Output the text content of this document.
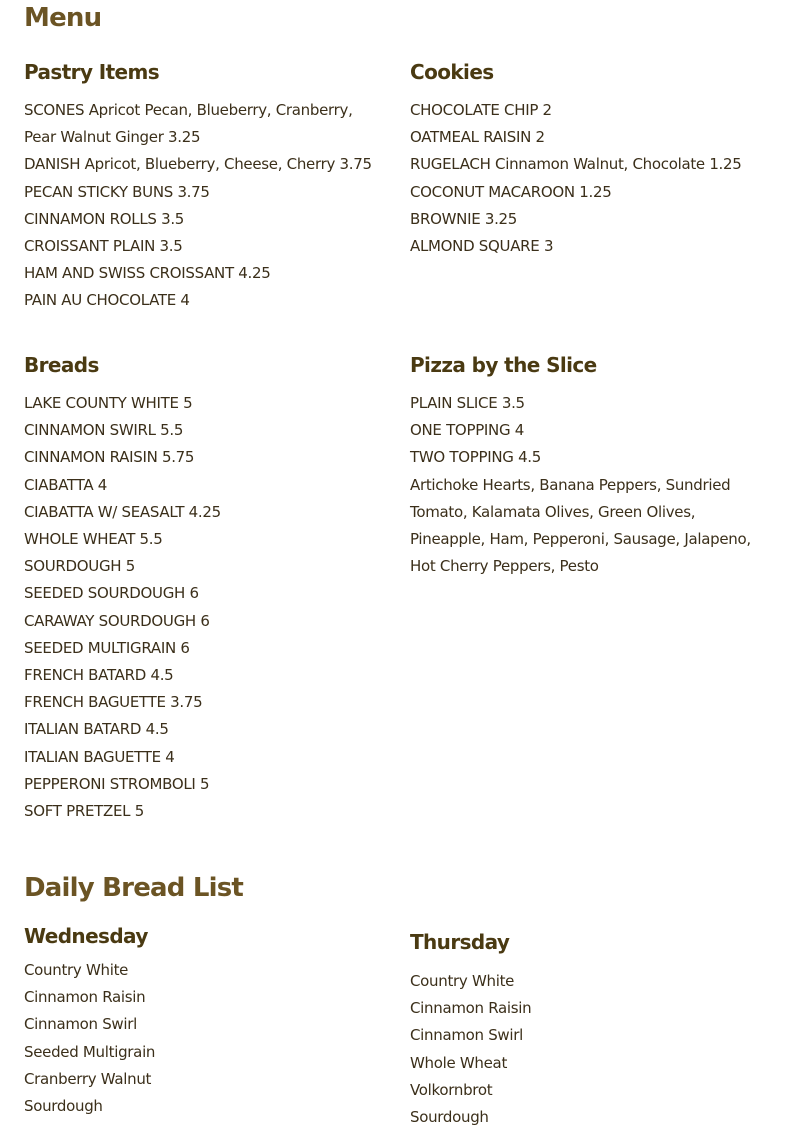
Menu
Pastry Items
SCONES Apricot Pecan, Blueberry, Cranberry,
Pear Walnut Ginger 3.25
DANISH Apricot, Blueberry, Cheese, Cherry 3.75
PECAN STICKY BUNS 3.75
CINNAMON ROLLS 3.5
CROISSANT PLAIN 3.5
HAM AND SWISS CROISSANT 4.25
PAIN AU CHOCOLATE 4
Cookies
CHOCOLATE CHIP 2
OATMEAL RAISIN 2
RUGELACH Cinnamon Walnut, Chocolate 1.25
COCONUT MACAROON 1.25
BROWNIE 3.25
ALMOND SQUARE 3
Breads
LAKE COUNTY WHITE 5
CINNAMON SWIRL 5.5
CINNAMON RAISIN 5.75
CIABATTA 4
CIABATTA W/ SEASALT 4.25
WHOLE WHEAT 5.5
SOURDOUGH 5
SEEDED SOURDOUGH 6
CARAWAY SOURDOUGH 6
SEEDED MULTIGRAIN 6
FRENCH BATARD 4.5
FRENCH BAGUETTE 3.75
ITALIAN BATARD 4.5
ITALIAN BAGUETTE 4
PEPPERONI STROMBOLI 5
SOFT PRETZEL 5
Pizza by the Slice
PLAIN SLICE 3.5
ONE TOPPING 4
TWO TOPPING 4.5
Artichoke Hearts, Banana Peppers, Sundried
Tomato, Kalamata Olives, Green Olives,
Pineapple, Ham, Pepperoni, Sausage, Jalapeno,
Hot Cherry Peppers, Pesto
Daily Bread List
Wednesday
Country White
Cinnamon Raisin
Cinnamon Swirl
Seeded Multigrain
Cranberry Walnut
Sourdough
Thursday
Country White
Cinnamon Raisin
Cinnamon Swirl
Whole Wheat
Volkornbrot
Sourdough
